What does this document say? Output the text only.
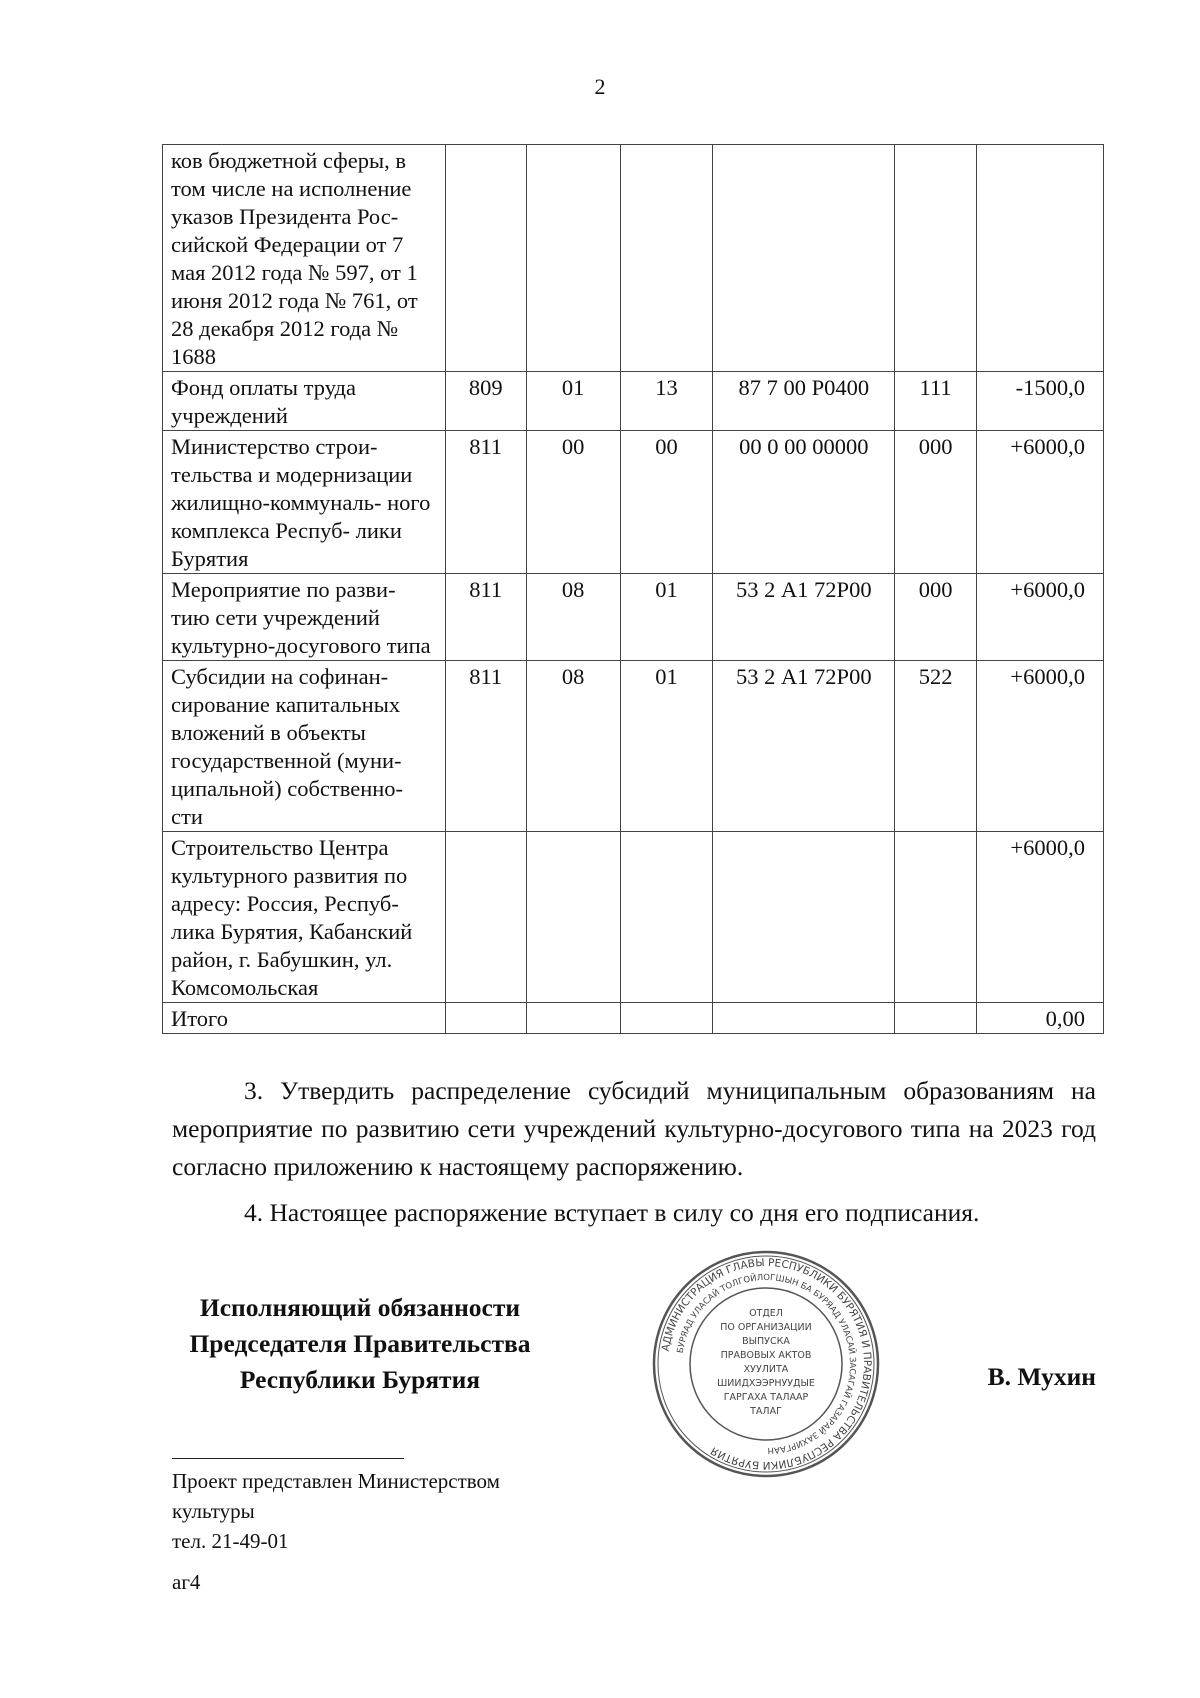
2
ков бюджетной сферы, в том числе на исполнение указов Президента Рос- сийской Федерации от 7 мая 2012 года № 597, от 1 июня 2012 года № 761, от 28 декабря 2012 года № 1688						
Фонд оплаты труда учреждений	809	01	13	87 7 00 Р0400	111	-1500,0
Министерство строи- тельства и модернизации жилищно-коммуналь- ного комплекса Респуб- лики Бурятия	811	00	00	00 0 00 00000	000	+6000,0
Мероприятие по разви- тию сети учреждений культурно-досугового типа	811	08	01	53 2 А1 72Р00	000	+6000,0
Субсидии на софинан- сирование капитальных вложений в объекты государственной (муни- ципальной) собственно- сти	811	08	01	53 2 А1 72Р00	522	+6000,0
Строительство Центра культурного развития по адресу: Россия, Респуб- лика Бурятия, Кабанский район, г. Бабушкин, ул. Комсомольская						+6000,0
Итого						0,00
3. Утвердить распределение субсидий муниципальным образованиям на мероприятие по развитию сети учреждений культурно-досугового типа на 2023 год согласно приложению к настоящему распоряжению.
4. Настоящее распоряжение вступает в силу со дня его подписания.
Исполняющий обязанности
Председателя Правительства
Республики Бурятия
АДМИНИСТРАЦИЯ ГЛАВЫ РЕСПУБЛИКИ БУРЯТИЯ И ПРАВИТЕЛЬСТВА РЕСПУБЛИКИ БУРЯТИЯ
БУРЯАД УЛАСАЙ ТОЛГОЙЛОГШЫН БА БУРЯАД УЛАСАЙ ЗАСАГАЙ ГАЗАРАЙ ЗАХИРГААН
ОТДЕЛ
ПО ОРГАНИЗАЦИИ
ВЫПУСКА
ПРАВОВЫХ АКТОВ
ХУУЛИТА
ШИИДХЭЭРНУУДЫЕ
ГАРГАХА ТАЛААР
ТАЛАГ
В. Мухин
Проект представлен Министерством
культуры
тел. 21-49-01
аг4
